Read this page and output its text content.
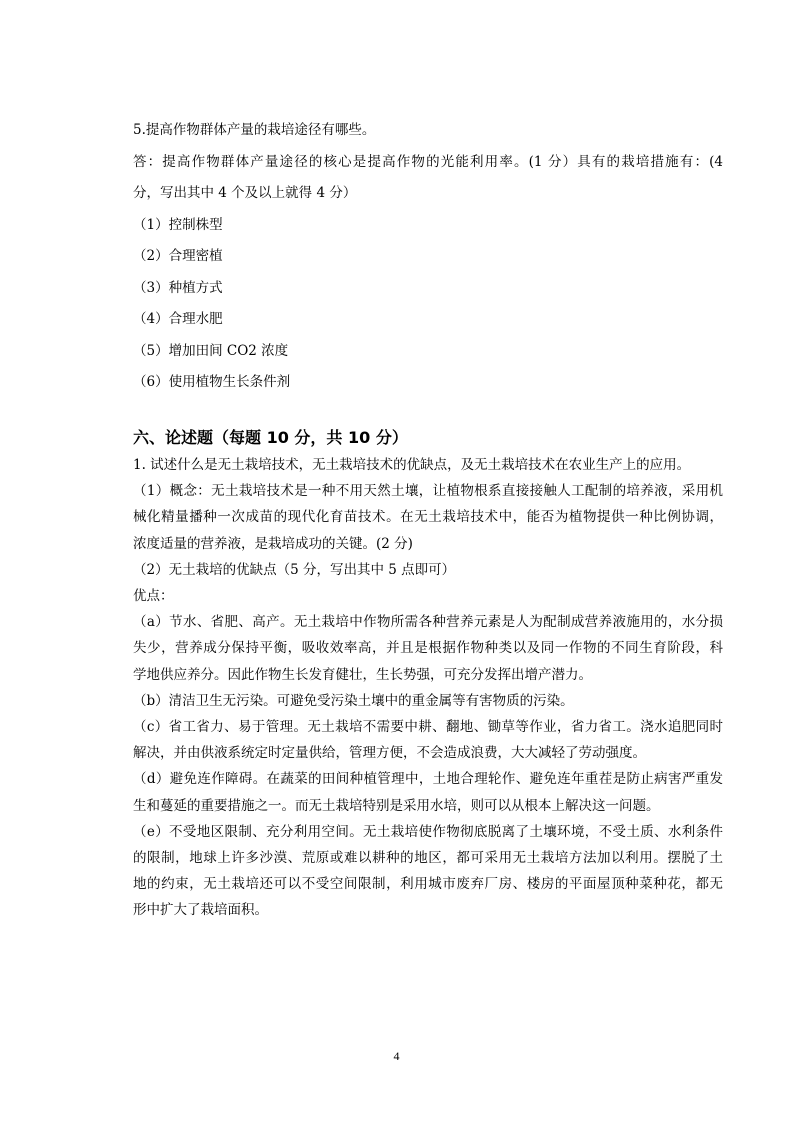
5.提高作物群体产量的栽培途径有哪些。
答：提高作物群体产量途径的核心是提高作物的光能利用率。(1 分）具有的栽培措施有：(4
分，写出其中 4 个及以上就得 4 分）
（1）控制株型
（2）合理密植
（3）种植方式
（4）合理水肥
（5）增加田间 CO2 浓度
（6）使用植物生长条件剂
六、论述题（每题 10 分，共 10 分）
1. 试述什么是无土栽培技术，无土栽培技术的优缺点，及无土栽培技术在农业生产上的应用。
（1）概念：无土栽培技术是一种不用天然土壤，让植物根系直接接触人工配制的培养液，采用机
械化精量播种一次成苗的现代化育苗技术。在无土栽培技术中，能否为植物提供一种比例协调，
浓度适量的营养液，是栽培成功的关键。(2 分)
（2）无土栽培的优缺点（5 分，写出其中 5 点即可）
优点：
（a）节水、省肥、高产。无土栽培中作物所需各种营养元素是人为配制成营养液施用的，水分损
失少，营养成分保持平衡，吸收效率高，并且是根据作物种类以及同一作物的不同生育阶段，科
学地供应养分。因此作物生长发育健壮，生长势强，可充分发挥出增产潜力。
（b）清洁卫生无污染。可避免受污染土壤中的重金属等有害物质的污染。
（c）省工省力、易于管理。无土栽培不需要中耕、翻地、锄草等作业，省力省工。浇水追肥同时
解决，并由供液系统定时定量供给，管理方便，不会造成浪费，大大减轻了劳动强度。
（d）避免连作障碍。在蔬菜的田间种植管理中，土地合理轮作、避免连年重茬是防止病害严重发
生和蔓延的重要措施之一。而无土栽培特别是采用水培，则可以从根本上解决这一问题。
（e）不受地区限制、充分利用空间。无土栽培使作物彻底脱离了土壤环境，不受土质、水利条件
的限制，地球上许多沙漠、荒原或难以耕种的地区，都可采用无土栽培方法加以利用。摆脱了土
地的约束，无土栽培还可以不受空间限制，利用城市废弃厂房、楼房的平面屋顶种菜种花，都无
形中扩大了栽培面积。
4
